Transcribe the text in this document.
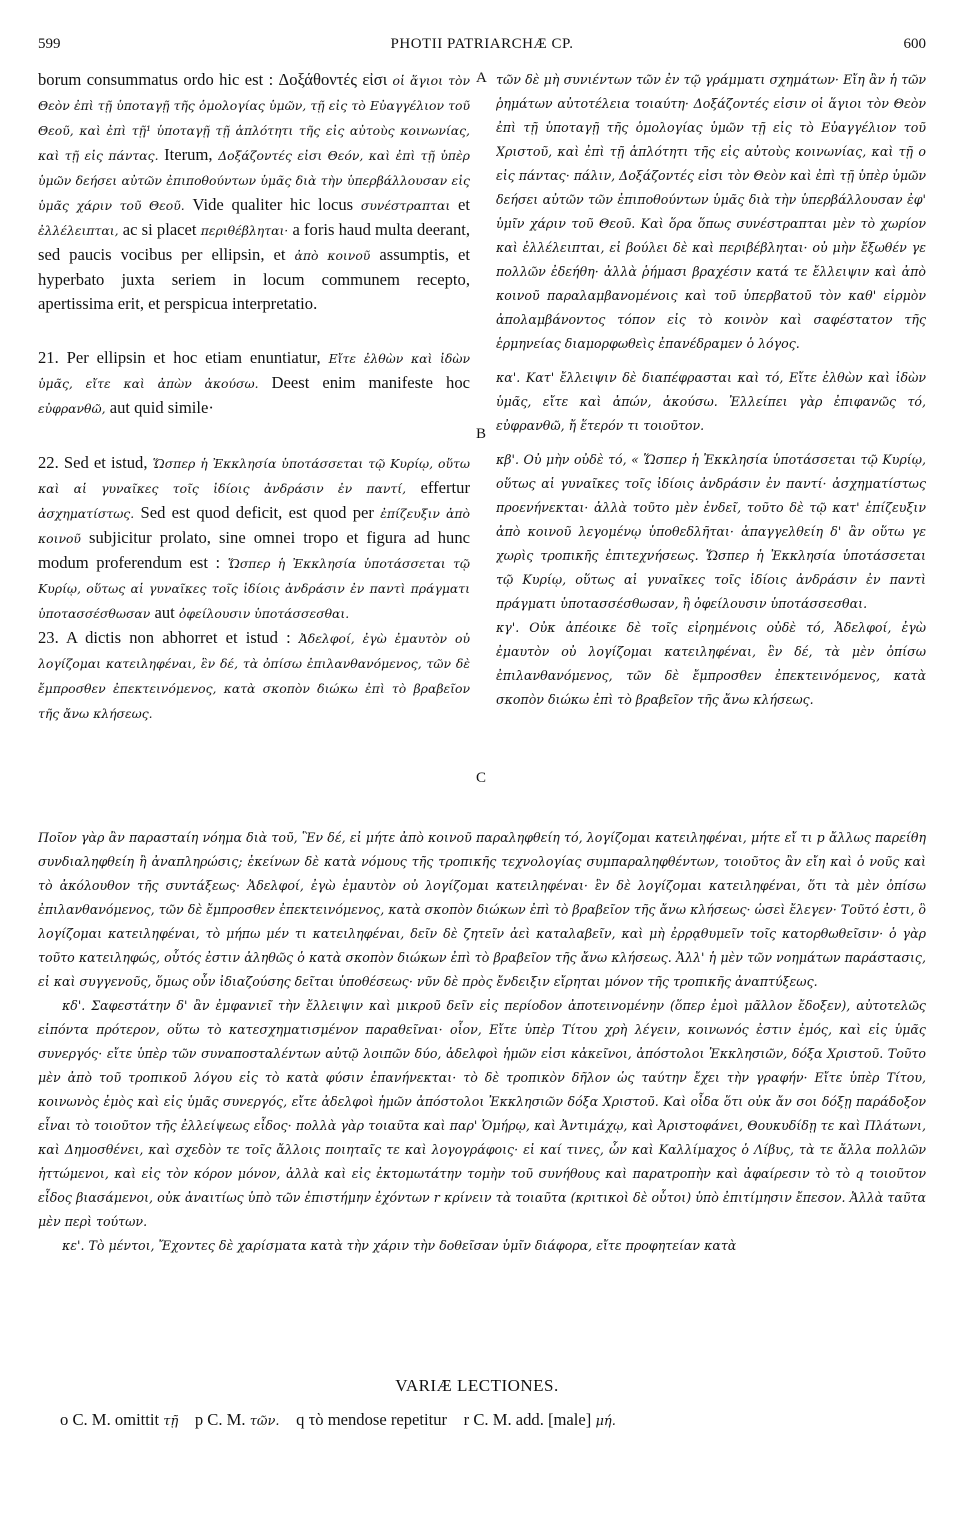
599	PHOTII PATRIARCHÆ CP.	600
A
B
C

borum consummatus ordo hic est : Δοξάθοντές εἰσι οἱ ἅγιοι τὸν Θεὸν ἐπὶ τῇ ὑποταγῇ τῆς ὁμολογίας ὑμῶν, τῇ εἰς τὸ Εὐαγγέλιον τοῦ Θεοῦ, καὶ ἐπὶ τῇ¹ ὑποταγῇ τῇ ἁπλότητι τῆς εἰς αὐτοὺς κοινωνίας, καὶ τῇ εἰς πάντας. Iterum, Δοξάζοντές εἰσι Θεόν, καὶ ἐπὶ τῇ ὑπὲρ ὑμῶν δεήσει αὐτῶν ἐπιποθούντων ὑμᾶς διὰ τὴν ὑπερβάλλουσαν εἰς ὑμᾶς χάριν τοῦ Θεοῦ. Vide qualiter hic locus συνέστραπται et ἐλλέλειπται, ac si placet περιθέβληται· a foris haud multa deerant, sed paucis vocibus per ellipsin, et ἀπὸ κοινοῦ assumptis, et hyperbato juxta seriem in locum communem recepto, apertissima erit, et perspicua interpretatio.

21. Per ellipsin et hoc etiam enuntiatur, Εἴτε ἐλθὼν καὶ ἰδὼν ὑμᾶς, εἴτε καὶ ἀπὼν ἀκούσω. Deest enim manifeste hoc εὐφρανθῶ, aut quid simile·

22. Sed et istud, Ὥσπερ ἡ Ἐκκλησία ὑποτάσσεται τῷ Κυρίῳ, οὕτω καὶ αἱ γυναῖκες τοῖς ἰδίοις ἀνδράσιν ἐν παντί, effertur ἀσχηματίστως. Sed est quod deficit, est quod per ἐπίζευξιν ἀπὸ κοινοῦ subjicitur prolato, sine omnei tropo et figura ad hunc modum proferendum est : Ὥσπερ ἡ Ἐκκλησία ὑποτάσσεται τῷ Κυρίῳ, οὕτως αἱ γυναῖκες τοῖς ἰδίοις ἀνδράσιν ἐν παντὶ πράγματι ὑποτασσέσθωσαν aut ὀφείλουσιν ὑποτάσσεσθαι.

23. A dictis non abhorret et istud : Ἀδελφοί, ἐγὼ ἐμαυτὸν οὐ λογίζομαι κατειληφέναι, ἓν δέ, τὰ ὀπίσω ἐπιλανθανόμενος, τῶν δὲ ἔμπροσθεν ἐπεκτεινόμενος, κατὰ σκοπὸν διώκω ἐπὶ τὸ βραβεῖον τῆς ἄνω κλήσεως.

τῶν δὲ μὴ συνιέντων τῶν ἐν τῷ γράμματι σχημάτων· Εἴη ἂν ἡ τῶν ῥημάτων αὐτοτέλεια τοιαύτη· Δοξάζοντές εἰσιν οἱ ἅγιοι τὸν Θεὸν ἐπὶ τῇ ὑποταγῇ τῆς ὁμολογίας ὑμῶν τῇ εἰς τὸ Εὐαγγέλιον τοῦ Χριστοῦ, καὶ ἐπὶ τῇ ἁπλότητι τῆς εἰς αὐτοὺς κοινωνίας, καὶ τῇ ο εἰς πάντας· πάλιν, Δοξάζοντές εἰσι τὸν Θεὸν καὶ ἐπὶ τῇ ὑπὲρ ὑμῶν δεήσει αὐτῶν τῶν ἐπιποθούντων ὑμᾶς διὰ τὴν ὑπερβάλλουσαν ἐφ' ὑμῖν χάριν τοῦ Θεοῦ. Καὶ ὅρα ὅπως συνέστραπται μὲν τὸ χωρίον καὶ ἐλλέλειπται, εἰ βούλει δὲ καὶ περιβέβληται· οὐ μὴν ἔξωθέν γε πολλῶν ἐδεήθη· ἀλλὰ ῥήμασι βραχέσιν κατά τε ἔλλειψιν καὶ ἀπὸ κοινοῦ παραλαμβανομένοις καὶ τοῦ ὑπερβατοῦ τὸν καθ' εἱρμὸν ἀπολαμβάνοντος τόπον εἰς τὸ κοινὸν καὶ σαφέστατον τῆς ἑρμηνείας διαμορφωθεὶς ἐπανέδραμεν ὁ λόγος.

κα'. Κατ' ἔλλειψιν δὲ διαπέφρασται καὶ τό, Εἴτε ἐλθὼν καὶ ἰδὼν ὑμᾶς, εἴτε καὶ ἀπών, ἀκούσω. Ἐλλείπει γὰρ ἐπιφανῶς τό, εὐφρανθῶ, ἤ ἕτερόν τι τοιοῦτον.

κβ'. Οὐ μὴν οὐδὲ τό, « Ὥσπερ ἡ Ἐκκλησία ὑποτάσσεται τῷ Κυρίῳ, οὕτως αἱ γυναῖκες τοῖς ἰδίοις ἀνδράσιν ἐν παντί· ἀσχηματίστως προενήνεκται· ἀλλὰ τοῦτο μὲν ἐνδεῖ, τοῦτο δὲ τῷ κατ' ἐπίζευξιν ἀπὸ κοινοῦ λεγομένῳ ὑποθεδλῆται· ἀπαγγελθείη δ' ἂν οὕτω γε χωρὶς τροπικῆς ἐπιτεχνήσεως. Ὥσπερ ἡ Ἐκκλησία ὑποτάσσεται τῷ Κυρίῳ, οὕτως αἱ γυναῖκες τοῖς ἰδίοις ἀνδράσιν ἐν παντὶ πράγματι ὑποτασσέσθωσαν, ἢ ὀφείλουσιν ὑποτάσσεσθαι.

κγ'. Οὐκ ἀπέοικε δὲ τοῖς εἰρημένοις οὐδὲ τό, Ἀδελφοί, ἐγὼ ἐμαυτὸν οὐ λογίζομαι κατειληφέναι, ἓν δέ, τὰ μὲν ὀπίσω ἐπιλανθανόμενος, τῶν δὲ ἔμπροσθεν ἐπεκτεινόμενος, κατὰ σκοπὸν διώκω ἐπὶ τὸ βραβεῖον τῆς ἄνω κλήσεως.

Ποῖον γὰρ ἂν παρασταίη νόημα διὰ τοῦ, Ἓν δέ, εἰ μήτε ἀπὸ κοινοῦ παραληφθείη τό, λογίζομαι κατειληφέναι, μήτε εἴ τι p ἄλλως παρείθη συνδιαληφθείη ἢ ἀναπληρώσις; ἐκείνων δὲ κατὰ νόμους τῆς τροπικῆς τεχνολογίας συμπαραληφθέντων, τοιοῦτος ἂν εἴη καὶ ὁ νοῦς καὶ τὸ ἀκόλουθον τῆς συντάξεως· Ἀδελφοί, ἐγὼ ἐμαυτὸν οὐ λογίζομαι κατειληφέναι· ἓν δὲ λογίζομαι κατειληφέναι, ὅτι τὰ μὲν ὀπίσω ἐπιλανθανόμενος, τῶν δὲ ἔμπροσθεν ἐπεκτεινόμενος, κατὰ σκοπὸν διώκων ἐπὶ τὸ βραβεῖον τῆς ἄνω κλήσεως· ὡσεὶ ἔλεγεν· Τοῦτό ἐστι, ὃ λογίζομαι κατειληφέναι, τὸ μήπω μέν τι κατειληφέναι, δεῖν δὲ ζητεῖν ἀεὶ καταλαβεῖν, καὶ μὴ ἐρρᾳθυμεῖν τοῖς κατορθωθεῖσιν· ὁ γὰρ τοῦτο κατειληφώς, οὗτός ἐστιν ἀληθῶς ὁ κατὰ σκοπὸν διώκων ἐπὶ τὸ βραβεῖον τῆς ἄνω κλήσεως. Ἀλλ' ἡ μὲν τῶν νοημάτων παράστασις, εἰ καὶ συγγενοῦς, ὅμως οὖν ἰδιαζούσης δεῖται ὑποθέσεως· νῦν δὲ πρὸς ἔνδειξιν εἴρηται μόνον τῆς τροπικῆς ἀναπτύξεως.

κδ'. Σαφεστάτην δ' ἂν ἐμφανιεῖ τὴν ἔλλειψιν καὶ μικροῦ δεῖν εἰς περίοδον ἀποτεινομένην (ὅπερ ἐμοὶ μᾶλλον ἔδοξεν), αὐτοτελῶς εἰπόντα πρότερον, οὕτω τὸ κατεσχηματισμένον παραθεῖναι· οἷον, Εἴτε ὑπὲρ Τίτου χρὴ λέγειν, κοινωνός ἐστιν ἐμός, καὶ εἰς ὑμᾶς συνεργός· εἴτε ὑπὲρ τῶν συναποσταλέντων αὐτῷ λοιπῶν δύο, ἀδελφοὶ ἡμῶν εἰσι κἀκεῖνοι, ἀπόστολοι Ἐκκλησιῶν, δόξα Χριστοῦ. Τοῦτο μὲν ἀπὸ τοῦ τροπικοῦ λόγου εἰς τὸ κατὰ φύσιν ἐπανήνεκται· τὸ δὲ τροπικὸν δῆλον ὡς ταύτην ἔχει τὴν γραφήν· Εἴτε ὑπὲρ Τίτου, κοινωνὸς ἐμὸς καὶ εἰς ὑμᾶς συνεργός, εἴτε ἀδελφοὶ ἡμῶν ἀπόστολοι Ἐκκλησιῶν δόξα Χριστοῦ. Καὶ οἶδα ὅτι οὐκ ἄν σοι δόξῃ παράδοξον εἶναι τὸ τοιοῦτον τῆς ἐλλείψεως εἶδος· πολλὰ γὰρ τοιαῦτα καὶ παρ' Ὁμήρῳ, καὶ Ἀντιμάχῳ, καὶ Ἀριστοφάνει, Θουκυδίδῃ τε καὶ Πλάτωνι, καὶ Δημοσθένει, καὶ σχεδὸν τε τοῖς ἄλλοις ποιηταῖς τε καὶ λογογράφοις· εἰ καί τινες, ὧν καὶ Καλλίμαχος ὁ Λίβυς, τὰ τε ἄλλα πολλῶν ἡττώμενοι, καὶ εἰς τὸν κόρον μόνον, ἀλλὰ καὶ εἰς ἐκτομωτάτην τομὴν τοῦ συνήθους καὶ παρατροπὴν καὶ ἀφαίρεσιν τὸ τὸ q τοιοῦτον εἶδος βιασάμενοι, οὐκ ἀναιτίως ὑπὸ τῶν ἐπιστήμην ἐχόντων r κρίνειν τὰ τοιαῦτα (κριτικοὶ δὲ οὗτοι) ὑπὸ ἐπιτίμησιν ἔπεσον. Ἀλλὰ ταῦτα μὲν περὶ τούτων.

κε'. Τὸ μέντοι, Ἔχοντες δὲ χαρίσματα κατὰ τὴν χάριν τὴν δοθεῖσαν ὑμῖν διάφορα, εἴτε προφητείαν κατὰ

VARIÆ LECTIONES.
o C. M. omittit τῇ p C. M. τῶν. q τὸ mendose repetitur r C. M. add. [male] μή.
